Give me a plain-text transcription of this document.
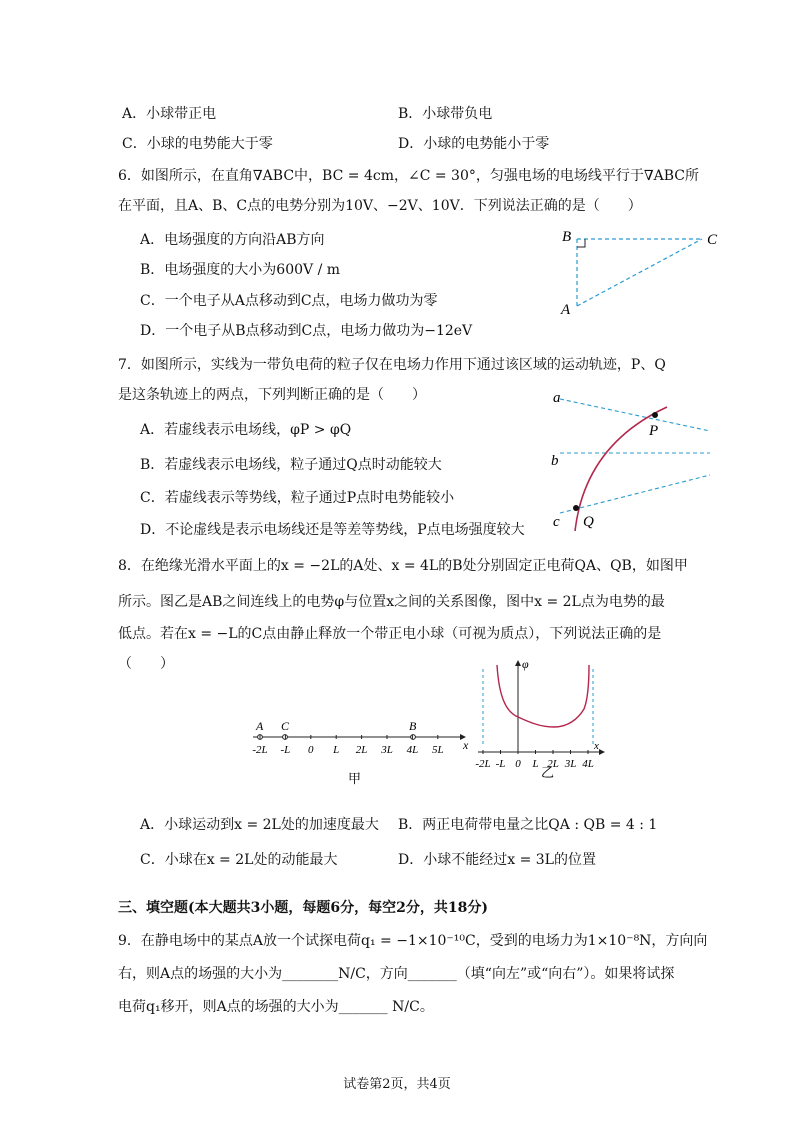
A．小球带正电	B．小球带负电
C．小球的电势能大于零	D．小球的电势能小于零
6．如图所示，在直角∇ABC中，BC = 4cm，∠C = 30°，匀强电场的电场线平行于∇ABC所
在平面，且A、B、C点的电势分别为10V、−2V、10V．下列说法正确的是（　　）
A．电场强度的方向沿AB方向
B．电场强度的大小为600V / m
C．一个电子从A点移动到C点，电场力做功为零
D．一个电子从B点移动到C点，电场力做功为−12eV
B	C
A
7．如图所示，实线为一带负电荷的粒子仅在电场力作用下通过该区域的运动轨迹，P、Q
是这条轨迹上的两点，下列判断正确的是（　　）
A．若虚线表示电场线，φP > φQ
B．若虚线表示电场线，粒子通过Q点时动能较大
C．若虚线表示等势线，粒子通过P点时电势能较小
D．不论虚线是表示电场线还是等差等势线，P点电场强度较大
a
b
c
P
Q
8．在绝缘光滑水平面上的x = −2L的A处、x = 4L的B处分别固定正电荷QA、QB，如图甲
所示。图乙是AB之间连线上的电势φ与位置x之间的关系图像，图中x = 2L点为电势的最
低点。若在x = −L的C点由静止释放一个带正电小球（可视为质点），下列说法正确的是
（　　）
x
A C	B
-2L -L 0 L 2L 3L 4L 5L
甲
φ
x
-2L -L 0 L 2L 3L 4L
乙
A．小球运动到x = 2L处的加速度最大 B．两正电荷带电量之比QA : QB = 4 : 1
C．小球在x = 2L处的动能最大	D．小球不能经过x = 3L的位置
三、填空题(本大题共3小题，每题6分，每空2分，共18分)
9．在静电场中的某点A放一个试探电荷q₁ = −1×10⁻¹⁰C，受到的电场力为1×10⁻⁸N，方向向
右，则A点的场强的大小为________N/C，方向_______（填“向左”或“向右”）。如果将试探
电荷q₁移开，则A点的场强的大小为_______ N/C。
试卷第2页，共4页
